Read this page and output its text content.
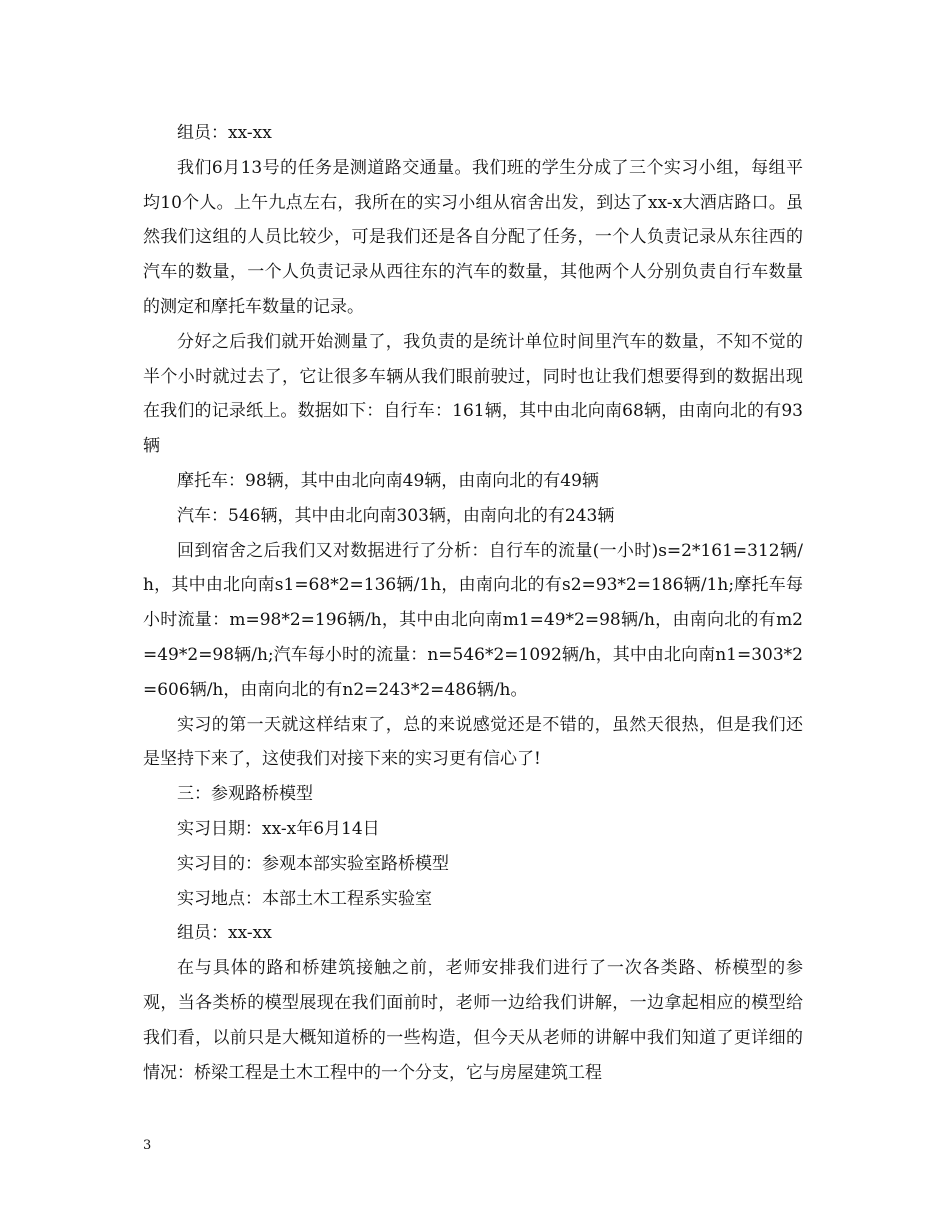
组员：xx-xx

我们6月13号的任务是测道路交通量。我们班的学生分成了三个实习小组，每组平均10个人。上午九点左右，我所在的实习小组从宿舍出发，到达了xx-x大酒店路口。虽然我们这组的人员比较少，可是我们还是各自分配了任务，一个人负责记录从东往西的汽车的数量，一个人负责记录从西往东的汽车的数量，其他两个人分别负责自行车数量的测定和摩托车数量的记录。

分好之后我们就开始测量了，我负责的是统计单位时间里汽车的数量，不知不觉的半个小时就过去了，它让很多车辆从我们眼前驶过，同时也让我们想要得到的数据出现在我们的记录纸上。数据如下：自行车：161辆，其中由北向南68辆，由南向北的有93辆

摩托车：98辆，其中由北向南49辆，由南向北的有49辆

汽车：546辆，其中由北向南303辆，由南向北的有243辆

回到宿舍之后我们又对数据进行了分析：自行车的流量(一小时)s=2*161=312辆/h，其中由北向南s1=68*2=136辆/1h，由南向北的有s2=93*2=186辆/1h;摩托车每小时流量：m=98*2=196辆/h，其中由北向南m1=49*2=98辆/h，由南向北的有m2=49*2=98辆/h;汽车每小时的流量：n=546*2=1092辆/h，其中由北向南n1=303*2=606辆/h，由南向北的有n2=243*2=486辆/h。

实习的第一天就这样结束了，总的来说感觉还是不错的，虽然天很热，但是我们还是坚持下来了，这使我们对接下来的实习更有信心了!

三：参观路桥模型

实习日期：xx-x年6月14日

实习目的：参观本部实验室路桥模型

实习地点：本部土木工程系实验室

组员：xx-xx

在与具体的路和桥建筑接触之前，老师安排我们进行了一次各类路、桥模型的参观，当各类桥的模型展现在我们面前时，老师一边给我们讲解，一边拿起相应的模型给我们看，以前只是大概知道桥的一些构造，但今天从老师的讲解中我们知道了更详细的情况：桥梁工程是土木工程中的一个分支，它与房屋建筑工程

3
